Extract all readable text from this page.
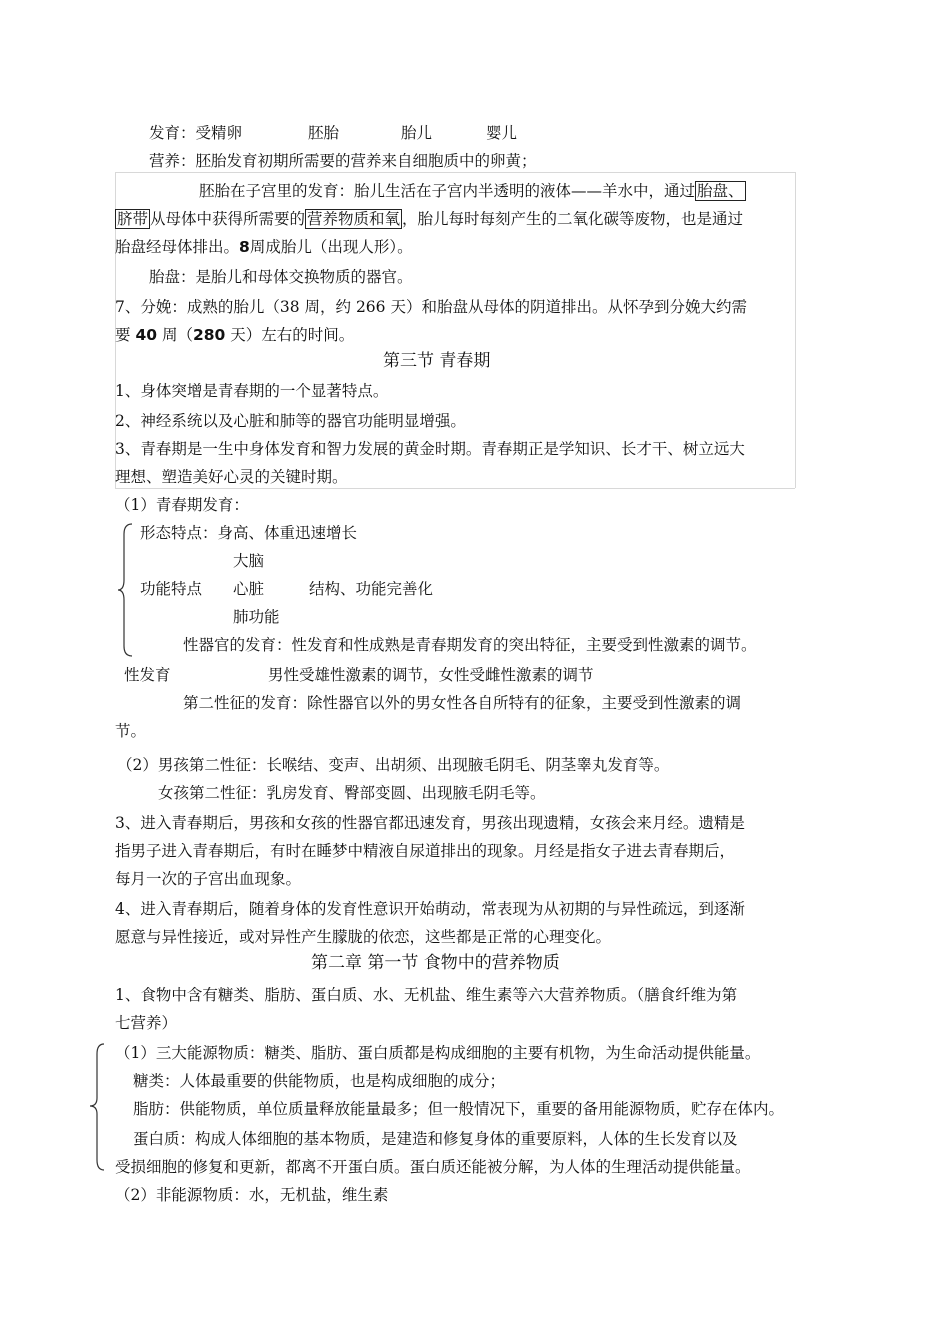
发育：受精卵	胚胎	胎儿	婴儿
营养：胚胎发育初期所需要的营养来自细胞质中的卵黄；
胚胎在子宫里的发育：胎儿生活在子宫内半透明的液体——羊水中，通过 胎盘、
脐带 从母体中获得所需要的 营养物质和氧 ，胎儿每时每刻产生的二氧化碳等废物，也是通过
胎盘经母体排出。8周成胎儿（出现人形）。
胎盘：是胎儿和母体交换物质的器官。
7、分娩：成熟的胎儿（38 周，约 266 天）和胎盘从母体的阴道排出。从怀孕到分娩大约需
要 40 周（280 天）左右的时间。
第三节 青春期
1、身体突增是青春期的一个显著特点。
2、神经系统以及心脏和肺等的器官功能明显增强。
3、青春期是一生中身体发育和智力发展的黄金时期。青春期正是学知识、长才干、树立远大
理想、塑造美好心灵的关键时期。
（1）青春期发育：
形态特点：身高、体重迅速增长
大脑
功能特点 心脏	结构、功能完善化
肺功能
性器官的发育：性发育和性成熟是青春期发育的突出特征，主要受到性激素的调节。
性发育	男性受雄性激素的调节，女性受雌性激素的调节
第二性征的发育：除性器官以外的男女性各自所特有的征象，主要受到性激素的调
节。
（2）男孩第二性征：长喉结、变声、出胡须、出现腋毛阴毛、阴茎睾丸发育等。
女孩第二性征：乳房发育、臀部变圆、出现腋毛阴毛等。
3、进入青春期后，男孩和女孩的性器官都迅速发育，男孩出现遗精，女孩会来月经。遗精是
指男子进入青春期后，有时在睡梦中精液自尿道排出的现象。月经是指女子进去青春期后，
每月一次的子宫出血现象。
4、进入青春期后，随着身体的发育性意识开始萌动，常表现为从初期的与异性疏远，到逐渐
愿意与异性接近，或对异性产生朦胧的依恋，这些都是正常的心理变化。
第二章 第一节 食物中的营养物质
1、食物中含有糖类、脂肪、蛋白质、水、无机盐、维生素等六大营养物质。（膳食纤维为第
七营养）
（1）三大能源物质：糖类、脂肪、蛋白质都是构成细胞的主要有机物，为生命活动提供能量。
糖类：人体最重要的供能物质，也是构成细胞的成分；
脂肪：供能物质，单位质量释放能量最多；但一般情况下，重要的备用能源物质，贮存在体内。
蛋白质：构成人体细胞的基本物质，是建造和修复身体的重要原料，人体的生长发育以及
受损细胞的修复和更新，都离不开蛋白质。蛋白质还能被分解，为人体的生理活动提供能量。
（2）非能源物质：水，无机盐，维生素
